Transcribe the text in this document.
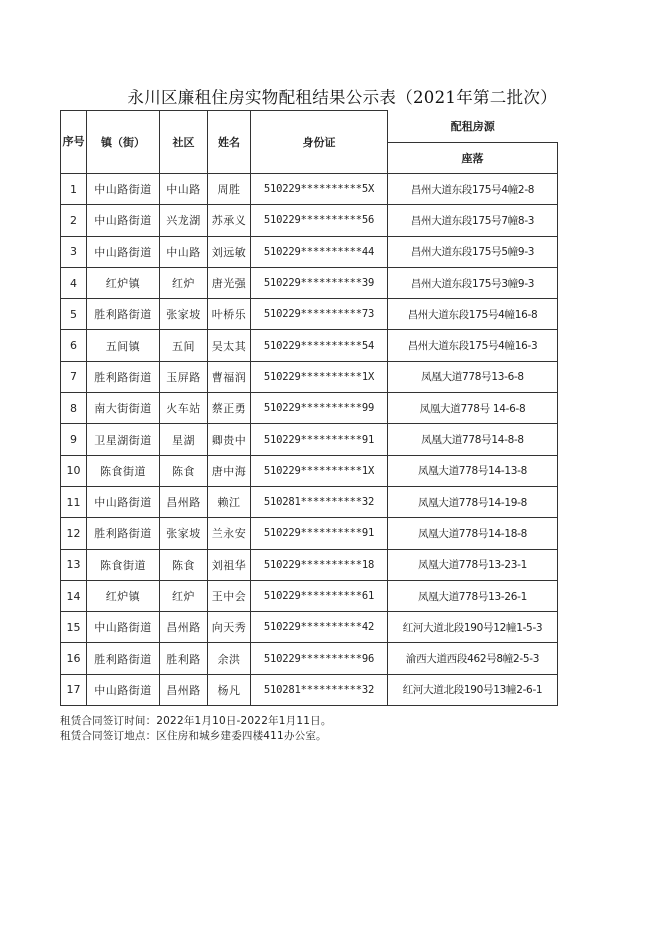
永川区廉租住房实物配租结果公示表（2021年第二批次）
序号	镇（街）	社区	姓名	身份证	配租房源
					座落
1	中山路街道	中山路	周胜	510229**********5X	昌州大道东段175号4幢2-8
2	中山路街道	兴龙湖	苏承义	510229**********56	昌州大道东段175号7幢8-3
3	中山路街道	中山路	刘远敏	510229**********44	昌州大道东段175号5幢9-3
4	红炉镇	红炉	唐光强	510229**********39	昌州大道东段175号3幢9-3
5	胜利路街道	张家坡	叶桥乐	510229**********73	昌州大道东段175号4幢16-8
6	五间镇	五间	吴太其	510229**********54	昌州大道东段175号4幢16-3
7	胜利路街道	玉屏路	曹福润	510229**********1X	凤凰大道778号13-6-8
8	南大街街道	火车站	蔡正勇	510229**********99	凤凰大道778号 14-6-8
9	卫星湖街道	星湖	卿贵中	510229**********91	凤凰大道778号14-8-8
10	陈食街道	陈食	唐中海	510229**********1X	凤凰大道778号14-13-8
11	中山路街道	昌州路	赖江	510281**********32	凤凰大道778号14-19-8
12	胜利路街道	张家坡	兰永安	510229**********91	凤凰大道778号14-18-8
13	陈食街道	陈食	刘祖华	510229**********18	凤凰大道778号13-23-1
14	红炉镇	红炉	王中会	510229**********61	凤凰大道778号13-26-1
15	中山路街道	昌州路	向天秀	510229**********42	红河大道北段190号12幢1-5-3
16	胜利路街道	胜利路	余洪	510229**********96	渝西大道西段462号8幢2-5-3
17	中山路街道	昌州路	杨凡	510281**********32	红河大道北段190号13幢2-6-1
租赁合同签订时间：2022年1月10日-2022年1月11日。
租赁合同签订地点：区住房和城乡建委四楼411办公室。
